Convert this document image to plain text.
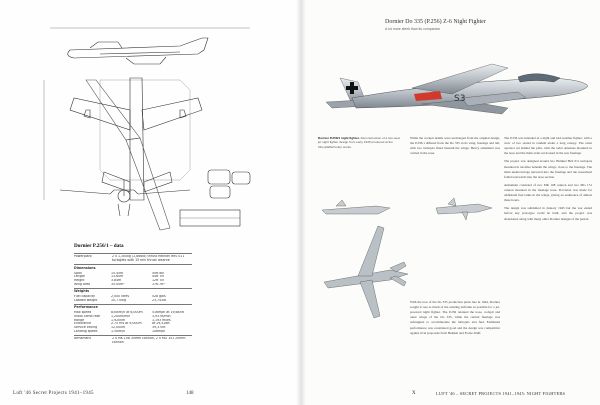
Dornier P.256/1 – data
Powerplant	2 x 1,300kg (2,866lb) thrust Heinkel HeS 011 turbojets with 15 min thrust reserve
Dimensions
Span	15.45m	50ft 8in
Length	13.60m	44ft 7in
Height	3.84m	12ft 7in
Wing area	35.00m²	376.7ft²
Weights
Fuel capacity	2,000 litres	528 gals
Loaded weight	10,770kg	23,743lb
Performance
Max speed	830km/h at 6,000m	516mph at 19,685ft
Initial climb rate	1,200m/min	3,937ft/min
Range	1,920km	1,193 miles
Endurance	2.75 hrs at 9,000m	at 29,528ft
Service ceiling	12,000m	39,370ft
Landing speed	170km/h	106mph
Armament	2 x MK 108 30mm cannon, 2 x MG 151 20mm cannon
Luft '46 Secret Projects 1941–1945	148
Dornier Do 335 (P.256) Z-6 Night Fighter
A lot more sleek than its companion
S3
Dornier P.256/1 night fighter. Reconstruction of a two-seat jet night fighter design from early 1945 produced at the Oberpfaffenhofen works.

While the cockpit details were unchanged from the original design, the P.256/1 differed from the Do 335 in its wing, fuselage and tail, with two turbojets fitted beneath the wings. Heavy armament was carried in the nose.

The P.256 was intended as a night and bad-weather fighter, with a crew of two seated in tandem under a long canopy. The radar operator sat behind the pilot, with the radar antennae mounted in the nose and the main radar set housed in the rear fuselage.

The project was designed around two Heinkel HeS 011 turbojets mounted in nacelles beneath the wings, close to the fuselage. The main undercarriage retracted into the fuselage and the nosewheel folded rearwards into the nose section.

Armament consisted of two MK 108 cannon and two MG 151 cannon mounted in the fuselage nose. Provision was made for additional fuel tanks in the wings, giving an endurance of almost three hours.

The design was submitted in January 1945 but the war ended before any prototype could be built, and the project was abandoned along with many other Dornier designs of the period.

With the loss of the Do 335 production plans late in 1944, Dornier sought to use as much of the existing airframe as possible for a jet-powered night fighter. The P.256 retained the nose, cockpit and outer wings of the Do 335, while the central fuselage was redesigned to accommodate the turbojets and fuel. Estimated performance was considered good and the design was competitive against rival proposals from Heinkel and Focke-Wulf.

X	LUFT '46 – SECRET PROJECTS 1941–1945: NIGHT FIGHTERS
